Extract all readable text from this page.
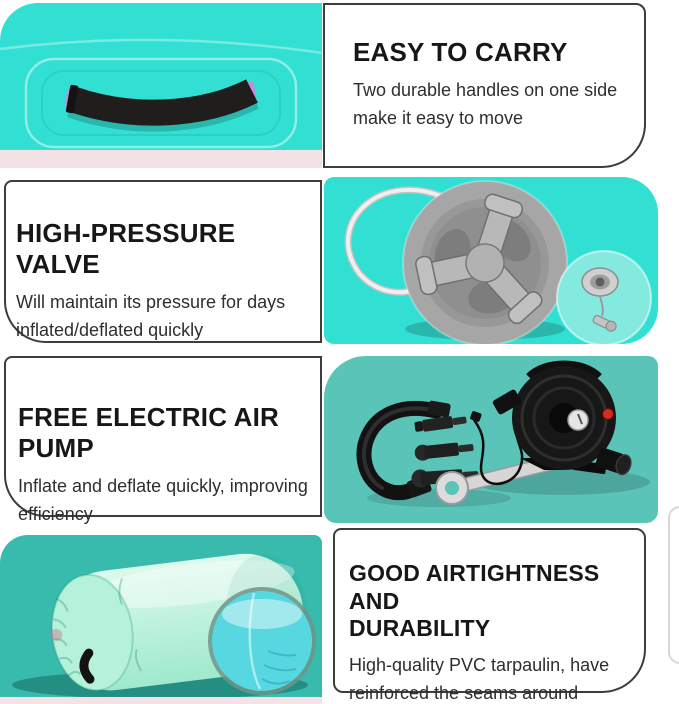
EASY TO CARRY
Two durable handles on one side
make it easy to move
HIGH-PRESSURE VALVE
Will maintain its pressure for days
inflated/deflated quickly
FREE ELECTRIC AIR PUMP
Inflate and deflate quickly, improving
efficiency
GOOD AIRTIGHTNESS AND
DURABILITY
High-quality PVC tarpaulin, have
reinforced the seams around
